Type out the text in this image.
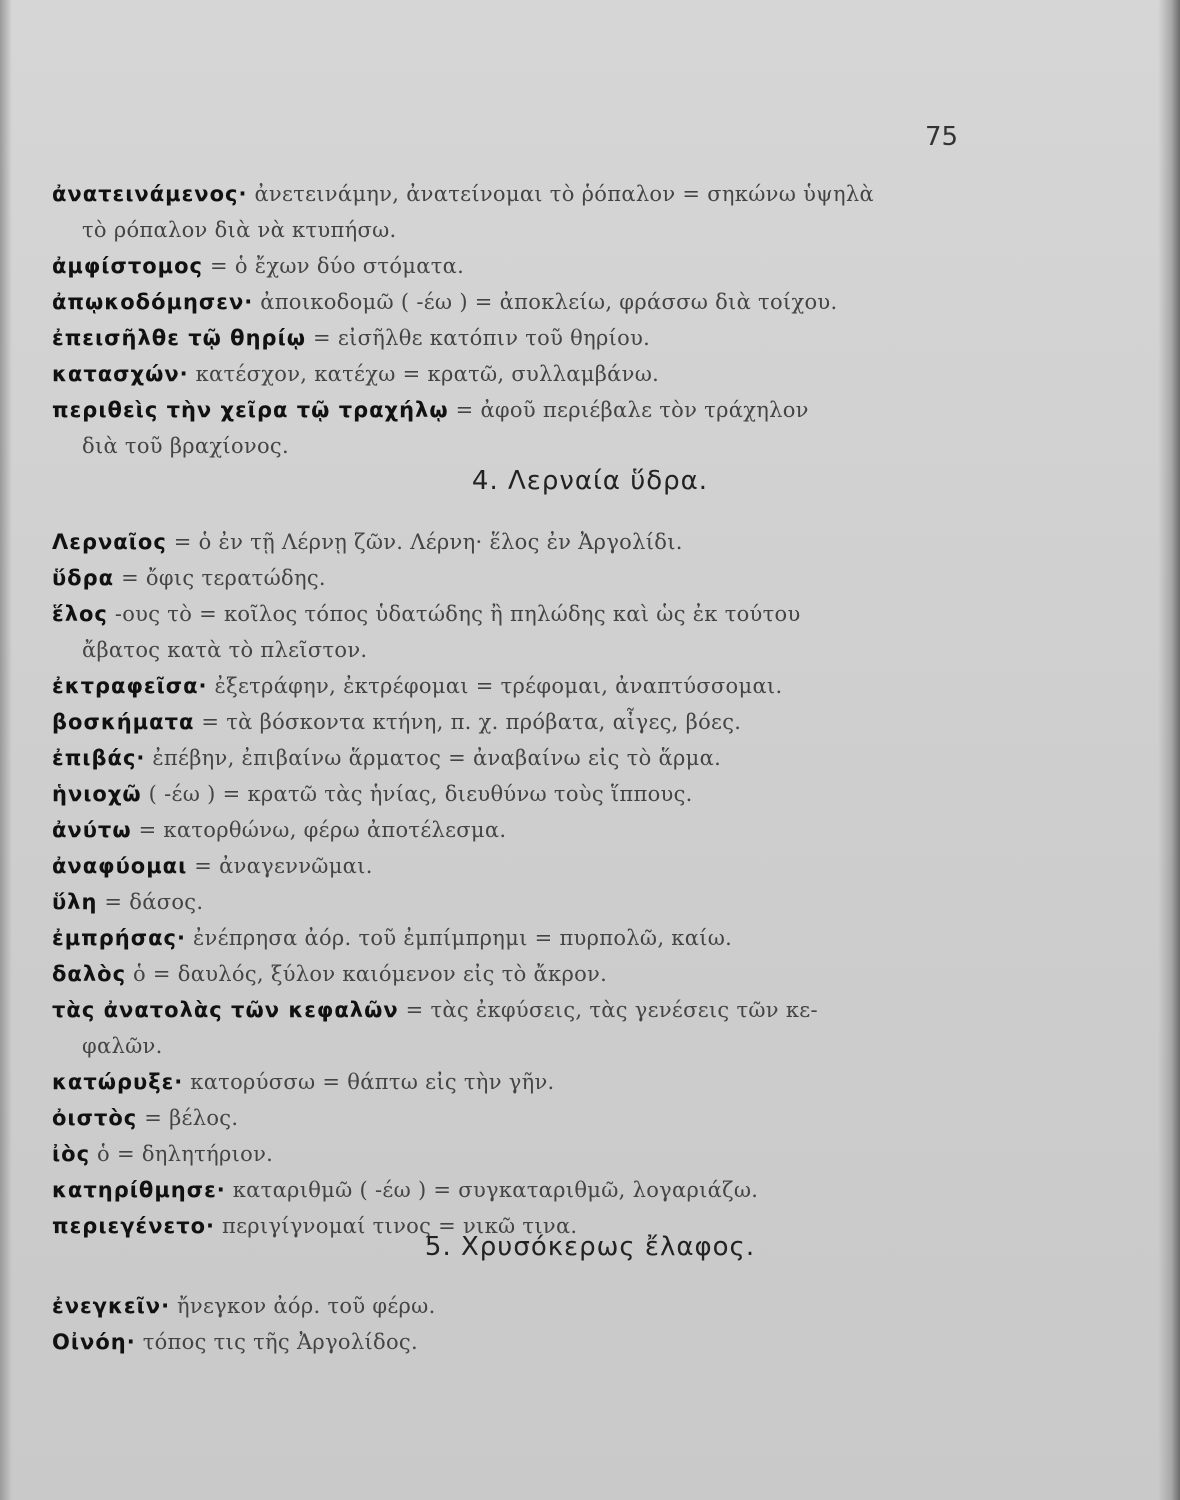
75
ἀνατεινάμενος· ἀνετεινάμην, ἀνατείνομαι τὸ ῥόπαλον = σηκώνω ὑψηλὰ
τὸ ρόπαλον διὰ νὰ κτυπήσω.
ἀμφίστομος = ὁ ἔχων δύο στόματα.
ἀπῳκοδόμησεν· ἀποικοδομῶ ( -έω ) = ἀποκλείω, φράσσω διὰ τοίχου.
ἐπεισῆλθε τῷ θηρίῳ = εἰσῆλθε κατόπιν τοῦ θηρίου.
κατασχών· κατέσχον, κατέχω = κρατῶ, συλλαμβάνω.
περιθεὶς τὴν χεῖρα τῷ τραχήλῳ = ἀφοῦ περιέβαλε τὸν τράχηλον
διὰ τοῦ βραχίονος.
4. Λερναία ὕδρα.
Λερναῖος = ὁ ἐν τῇ Λέρνῃ ζῶν. Λέρνη· ἕλος ἐν Ἀργολίδι.
ὕδρα = ὄφις τερατώδης.
ἕλος -ους τὸ = κοῖλος τόπος ὑδατώδης ἢ πηλώδης καὶ ὡς ἐκ τούτου
ἄβατος κατὰ τὸ πλεῖστον.
ἐκτραφεῖσα· ἐξετράφην, ἐκτρέφομαι = τρέφομαι, ἀναπτύσσομαι.
βοσκήματα = τὰ βόσκοντα κτήνη, π. χ. πρόβατα, αἶγες, βόες.
ἐπιβάς· ἐπέβην, ἐπιβαίνω ἅρματος = ἀναβαίνω εἰς τὸ ἅρμα.
ἡνιοχῶ ( -έω ) = κρατῶ τὰς ἡνίας, διευθύνω τοὺς ἵππους.
ἀνύτω = κατορθώνω, φέρω ἀποτέλεσμα.
ἀναφύομαι = ἀναγεννῶμαι.
ὕλη = δάσος.
ἐμπρήσας· ἐνέπρησα ἀόρ. τοῦ ἐμπίμπρημι = πυρπολῶ, καίω.
δαλὸς ὁ = δαυλός, ξύλον καιόμενον εἰς τὸ ἄκρον.
τὰς ἀνατολὰς τῶν κεφαλῶν = τὰς ἐκφύσεις, τὰς γενέσεις τῶν κε-
φαλῶν.
κατώρυξε· κατορύσσω = θάπτω εἰς τὴν γῆν.
ὀιστὸς = βέλος.
ἰὸς ὁ = δηλητήριον.
κατηρίθμησε· καταριθμῶ ( -έω ) = συγκαταριθμῶ, λογαριάζω.
περιεγένετο· περιγίγνομαί τινος = νικῶ τινα.
5. Χρυσόκερως ἔλαφος.
ἐνεγκεῖν· ἤνεγκον ἀόρ. τοῦ φέρω.
Οἰνόη· τόπος τις τῆς Ἀργολίδος.
